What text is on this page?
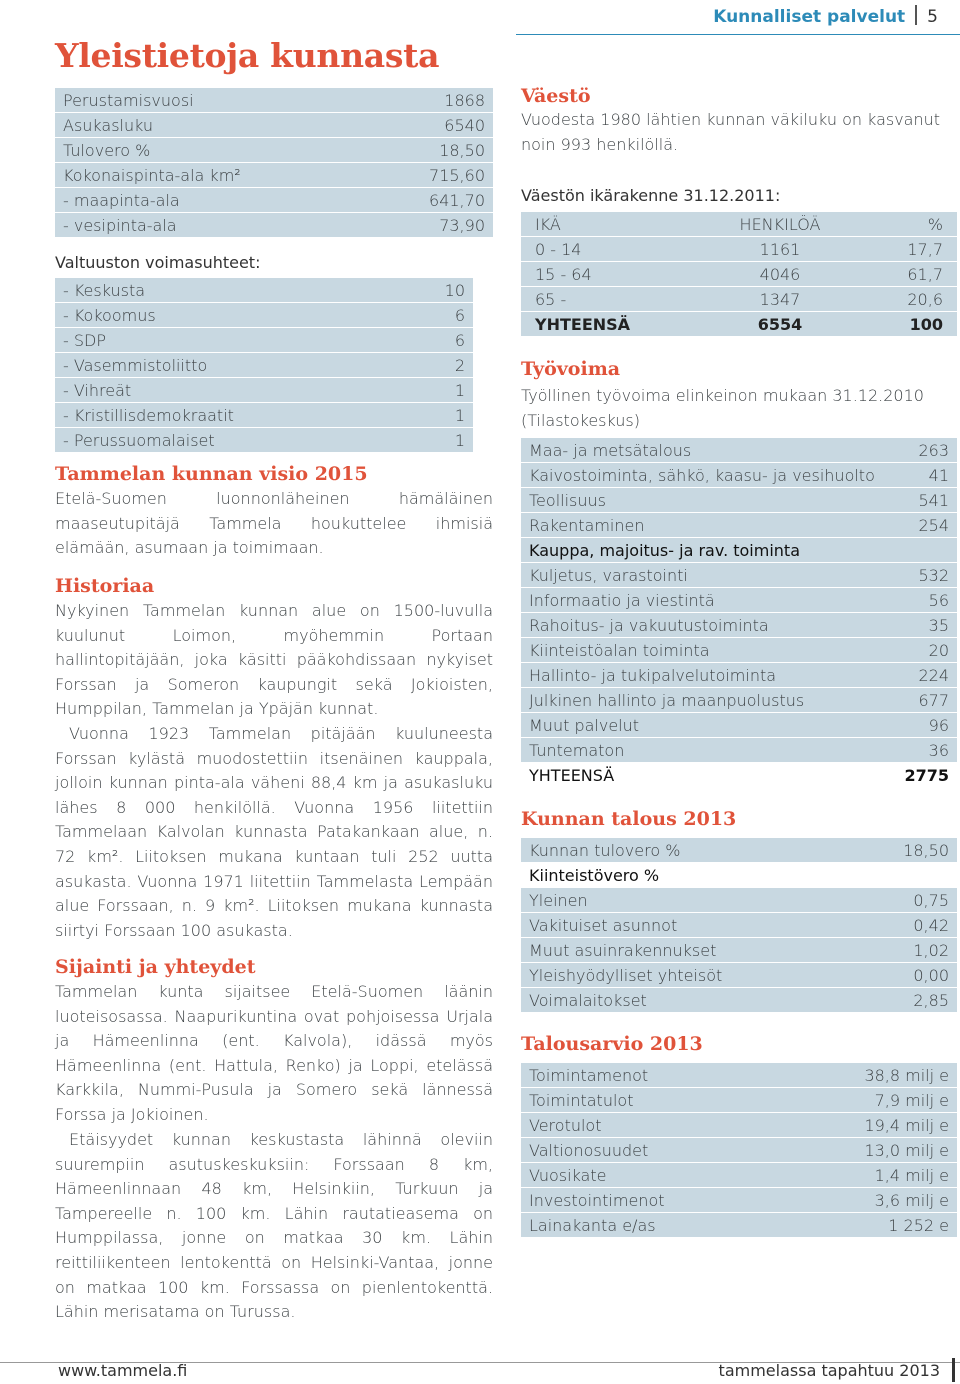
Kunnalliset palvelut 5
Yleistietoja kunnasta
Perustamisvuosi	1868
Asukasluku	6540
Tulovero %	18,50
Kokonaispinta-ala km²	715,60
- maapinta-ala	641,70
- vesipinta-ala	73,90
Valtuuston voimasuhteet:
- Keskusta	10
- Kokoomus	6
- SDP	6
- Vasemmistoliitto	2
- Vihreät	1
- Kristillisdemokraatit	1
- Perussuomalaiset	1
Tammelan kunnan visio 2015

Etelä-Suomen luonnonläheinen hämäläinen maaseutupitäjä Tammela houkuttelee ihmisiä elämään, asumaan ja toimimaan.

Historiaa

Nykyinen Tammelan kunnan alue on 1500-luvulla kuulunut Loimon, myöhemmin Portaan hallintopitäjään, joka käsitti pääkohdissaan nykyiset Forssan ja Someron kaupungit sekä Jokioisten, Humppilan, Tammelan ja Ypäjän kunnat.

Vuonna 1923 Tammelan pitäjään kuuluneesta Forssan kylästä muodostettiin itsenäinen kauppala, jolloin kunnan pinta-ala väheni 88,4 km ja asukasluku lähes 8 000 henkilöllä. Vuonna 1956 liitettiin Tammelaan Kalvolan kunnasta Patakankaan alue, n. 72 km². Liitoksen mukana kuntaan tuli 252 uutta asukasta. Vuonna 1971 liitettiin Tammelasta Lempään alue Forssaan, n. 9 km². Liitoksen mukana kunnasta siirtyi Forssaan 100 asukasta.

Sijainti ja yhteydet

Tammelan kunta sijaitsee Etelä-Suomen läänin luoteisosassa. Naapurikuntina ovat pohjoisessa Urjala ja Hämeenlinna (ent. Kalvola), idässä myös Hämeenlinna (ent. Hattula, Renko) ja Loppi, etelässä Karkkila, Nummi-Pusula ja Somero sekä lännessä Forssa ja Jokioinen.

Etäisyydet kunnan keskustasta lähinnä oleviin suurempiin asutuskeskuksiin: Forssaan 8 km, Hämeenlinnaan 48 km, Helsinkiin, Turkuun ja Tampereelle n. 100 km. Lähin rautatieasema on Humppilassa, jonne on matkaa 30 km. Lähin reittiliikenteen lentokenttä on Helsinki-Vantaa, jonne on matkaa 100 km. Forssassa on pienlentokenttä. Lähin merisatama on Turussa.

Väestö

Vuodesta 1980 lähtien kunnan väkiluku on kasvanut noin 993 henkilöllä.

Väestön ikärakenne 31.12.2011:
IKÄ	HENKILÖÄ	%
0 - 14	1161	17,7
15 - 64	4046	61,7
65 -	1347	20,6
YHTEENSÄ	6554	100
Työvoima

Työllinen työvoima elinkeinon mukaan 31.12.2010 (Tilastokeskus)

Maa- ja metsätalous	263
Kaivostoiminta, sähkö, kaasu- ja vesihuolto	41
Teollisuus	541
Rakentaminen	254
Kauppa, majoitus- ja rav. toiminta
Kuljetus, varastointi	532
Informaatio ja viestintä	56
Rahoitus- ja vakuutustoiminta	35
Kiinteistöalan toiminta	20
Hallinto- ja tukipalvelutoiminta	224
Julkinen hallinto ja maanpuolustus	677
Muut palvelut	96
Tuntematon	36
YHTEENSÄ	2775
Kunnan talous 2013
Kunnan tulovero %	18,50
Kiinteistövero %
Yleinen	0,75
Vakituiset asunnot	0,42
Muut asuinrakennukset	1,02
Yleishyödylliset yhteisöt	0,00
Voimalaitokset	2,85
Talousarvio 2013
Toimintamenot	38,8 milj e
Toimintatulot	7,9 milj e
Verotulot	19,4 milj e
Valtionosuudet	13,0 milj e
Vuosikate	1,4 milj e
Investointimenot	3,6 milj e
Lainakanta e/as	1 252 e
www.tammela.fi	tammelassa tapahtuu 2013
